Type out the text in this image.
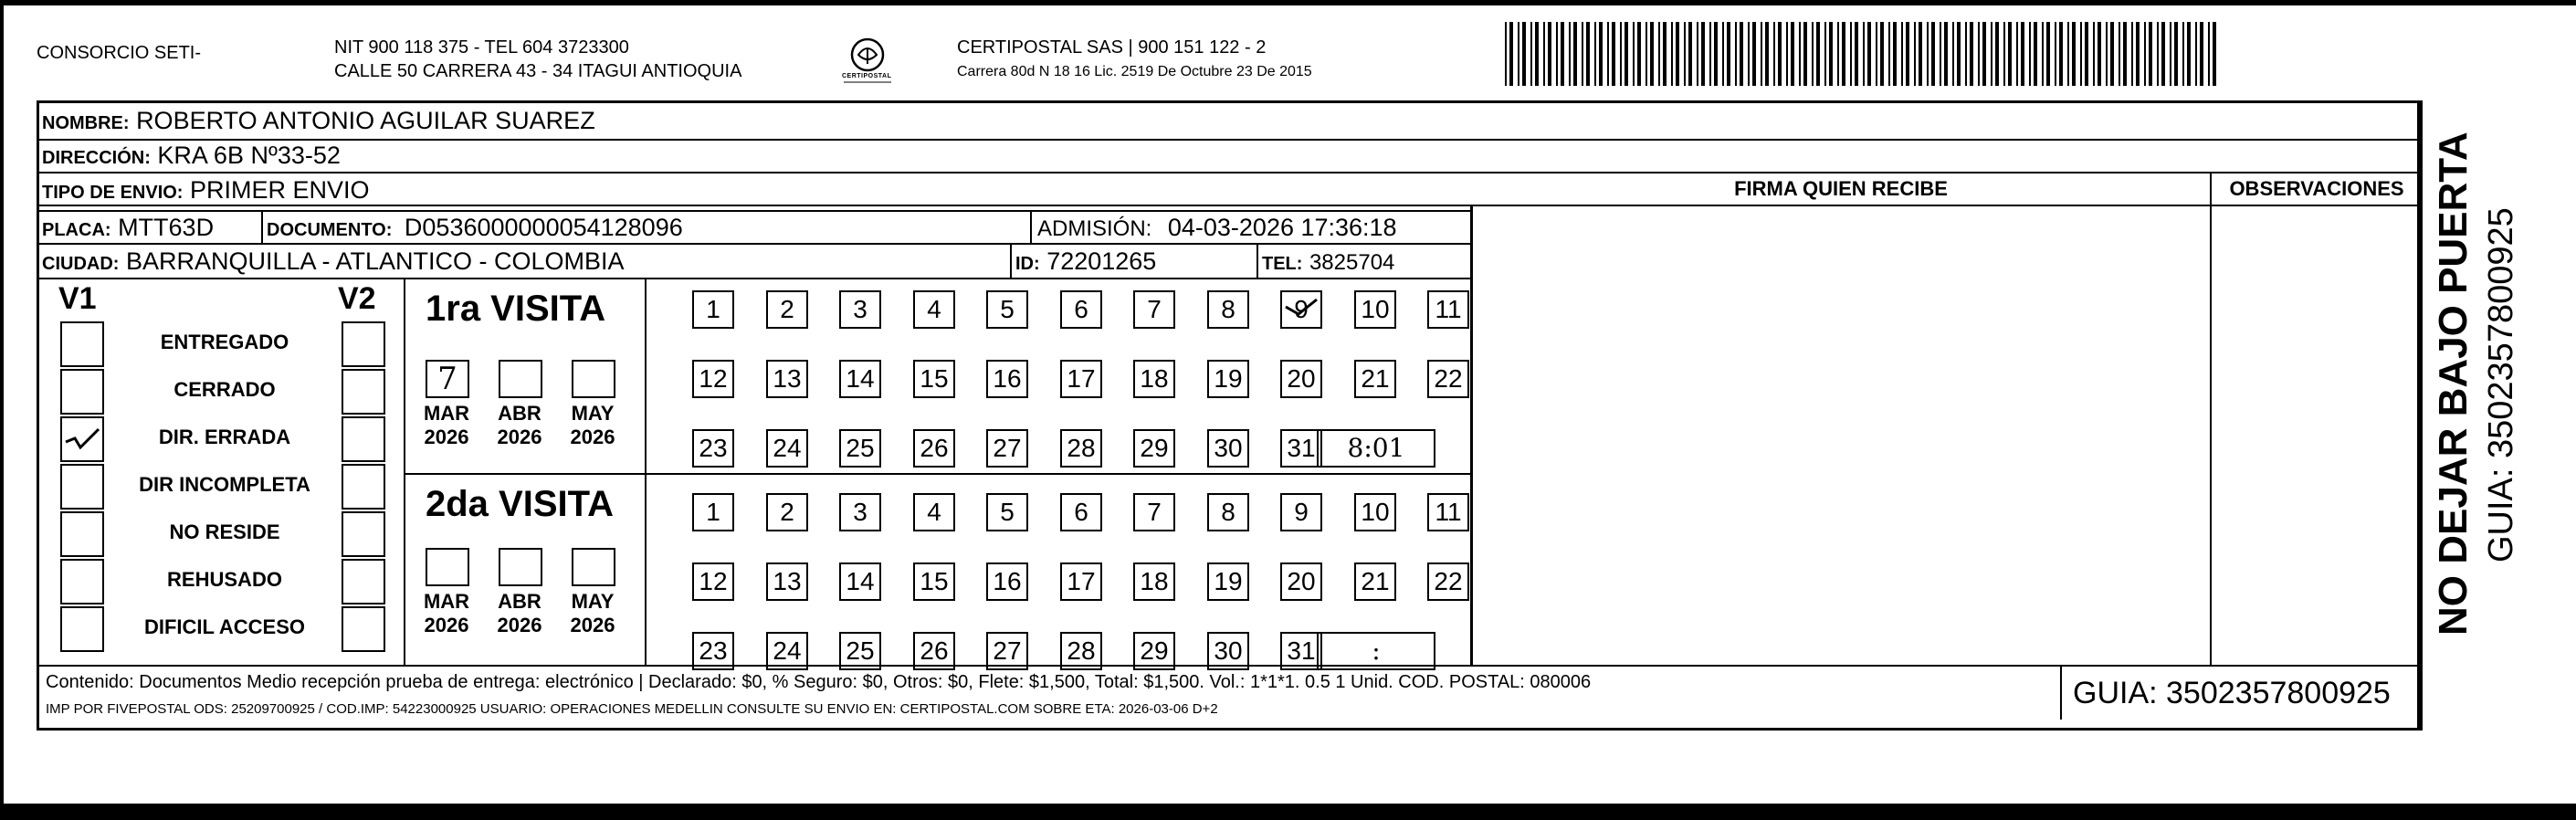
CONSORCIO SETI-	NIT 900 118 375 - TEL 604 3723300
CALLE 50 CARRERA 43 - 34 ITAGUI ANTIOQUIA	CERTIPOSTAL
CERTIPOSTAL SAS | 900 151 122 - 2
Carrera 80d N 18 16 Lic. 2519 De Octubre 23 De 2015
NOMBRE: ROBERTO ANTONIO AGUILAR SUAREZ
DIRECCIÓN: KRA 6B Nº33-52
TIPO DE ENVIO: PRIMER ENVIO
PLACA: MTT63D	DOCUMENTO: D0536000000054128096	ADMISIÓN: 04-03-2026 17:36:18
CIUDAD: BARRANQUILLA - ATLANTICO - COLOMBIA	ID: 72201265	TEL: 3825704
FIRMA QUIEN RECIBE	OBSERVACIONES
V1	V2
ENTREGADO
CERRADO
DIR. ERRADA
DIR INCOMPLETA
NO RESIDE
REHUSADO
DIFICIL ACCESO
1ra VISITA
7
MAR
2026
ABR
2026
MAY
2026
1	2	3	4	5	6	7	8	9	10	11
12 13 14 15 16 17 18 19 20 21 22
23 24 25 26 27 28 29 30 31	8:01
2da VISITA
MAR
2026
ABR
2026
MAY
2026
1	2	3	4	5	6	7	8	9	10	11
12 13 14 15 16 17 18 19 20 21 22
23 24 25 26 27 28 29 30 31	:
Contenido: Documentos Medio recepción prueba de entrega: electrónico | Declarado: $0, % Seguro: $0, Otros: $0, Flete: $1,500, Total: $1,500. Vol.: 1*1*1. 0.5 1 Unid. COD. POSTAL: 080006
IMP POR FIVEPOSTAL ODS: 25209700925 / COD.IMP: 54223000925 USUARIO: OPERACIONES MEDELLIN CONSULTE SU ENVIO EN: CERTIPOSTAL.COM SOBRE ETA: 2026-03-06 D+2	GUIA: 3502357800925
NO DEJAR BAJO PUERTA GUIA: 3502357800925
